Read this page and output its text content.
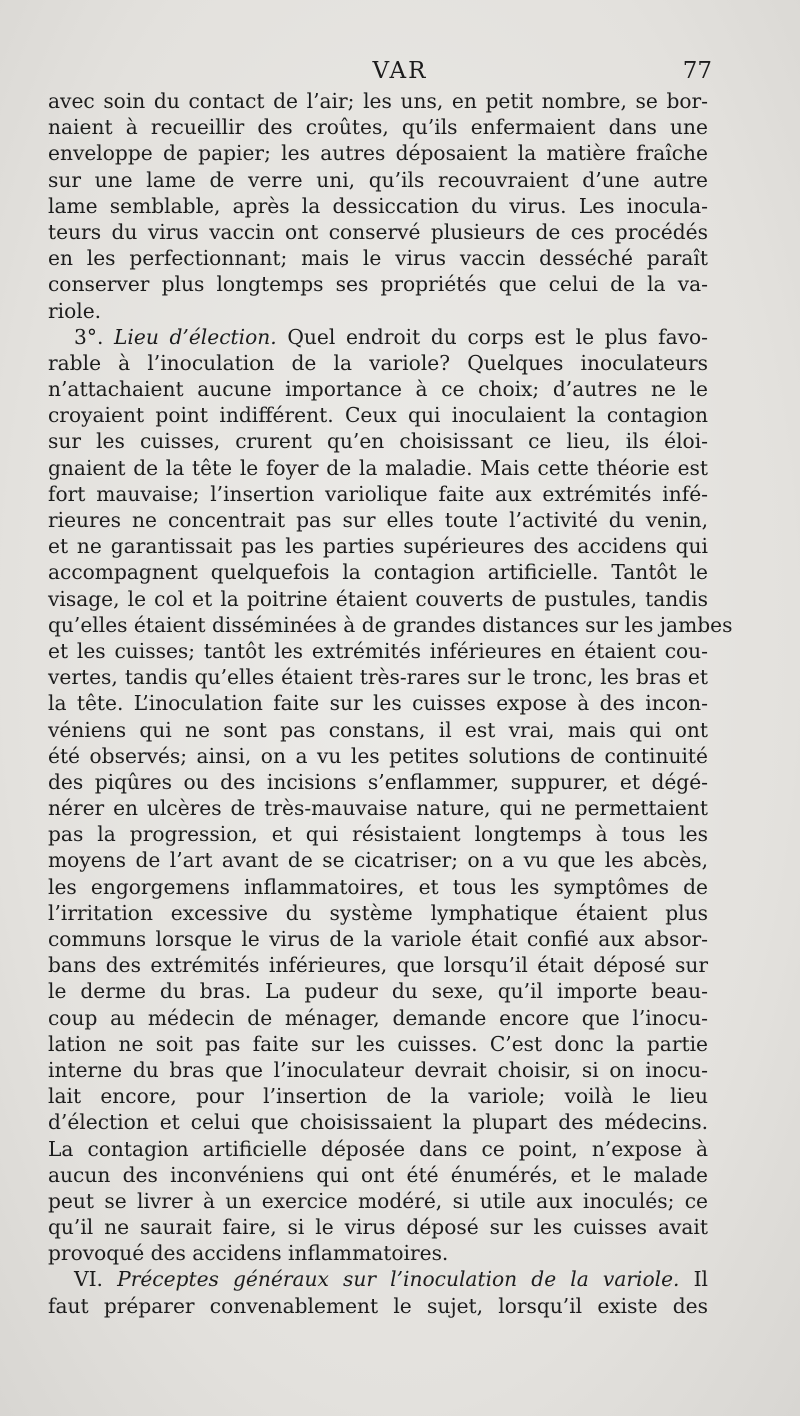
VAR	77
avec soin du contact de l’air; les uns, en petit nombre, se bor-
naient à recueillir des croûtes, qu’ils enfermaient dans une
enveloppe de papier; les autres déposaient la matière fraîche
sur une lame de verre uni, qu’ils recouvraient d’une autre
lame semblable, après la dessiccation du virus. Les inocula-
teurs du virus vaccin ont conservé plusieurs de ces procédés
en les perfectionnant; mais le virus vaccin desséché paraît
conserver plus longtemps ses propriétés que celui de la va-
riole.
3°. Lieu d’élection. Quel endroit du corps est le plus favo-
rable à l’inoculation de la variole? Quelques inoculateurs
n’attachaient aucune importance à ce choix; d’autres ne le
croyaient point indifférent. Ceux qui inoculaient la contagion
sur les cuisses, crurent qu’en choisissant ce lieu, ils éloi-
gnaient de la tête le foyer de la maladie. Mais cette théorie est
fort mauvaise; l’insertion variolique faite aux extrémités infé-
rieures ne concentrait pas sur elles toute l’activité du venin,
et ne garantissait pas les parties supérieures des accidens qui
accompagnent quelquefois la contagion artificielle. Tantôt le
visage, le col et la poitrine étaient couverts de pustules, tandis
qu’elles étaient disséminées à de grandes distances sur les jambes
et les cuisses; tantôt les extrémités inférieures en étaient cou-
vertes, tandis qu’elles étaient très-rares sur le tronc, les bras et
la tête. L’inoculation faite sur les cuisses expose à des incon-
véniens qui ne sont pas constans, il est vrai, mais qui ont
été observés; ainsi, on a vu les petites solutions de continuité
des piqûres ou des incisions s’enflammer, suppurer, et dégé-
nérer en ulcères de très-mauvaise nature, qui ne permettaient
pas la progression, et qui résistaient longtemps à tous les
moyens de l’art avant de se cicatriser; on a vu que les abcès,
les engorgemens inflammatoires, et tous les symptômes de
l’irritation excessive du système lymphatique étaient plus
communs lorsque le virus de la variole était confié aux absor-
bans des extrémités inférieures, que lorsqu’il était déposé sur
le derme du bras. La pudeur du sexe, qu’il importe beau-
coup au médecin de ménager, demande encore que l’inocu-
lation ne soit pas faite sur les cuisses. C’est donc la partie
interne du bras que l’inoculateur devrait choisir, si on inocu-
lait encore, pour l’insertion de la variole; voilà le lieu
d’élection et celui que choisissaient la plupart des médecins.
La contagion artificielle déposée dans ce point, n’expose à
aucun des inconvéniens qui ont été énumérés, et le malade
peut se livrer à un exercice modéré, si utile aux inoculés; ce
qu’il ne saurait faire, si le virus déposé sur les cuisses avait
provoqué des accidens inflammatoires.
VI. Préceptes généraux sur l’inoculation de la variole. Il
faut préparer convenablement le sujet, lorsqu’il existe des
